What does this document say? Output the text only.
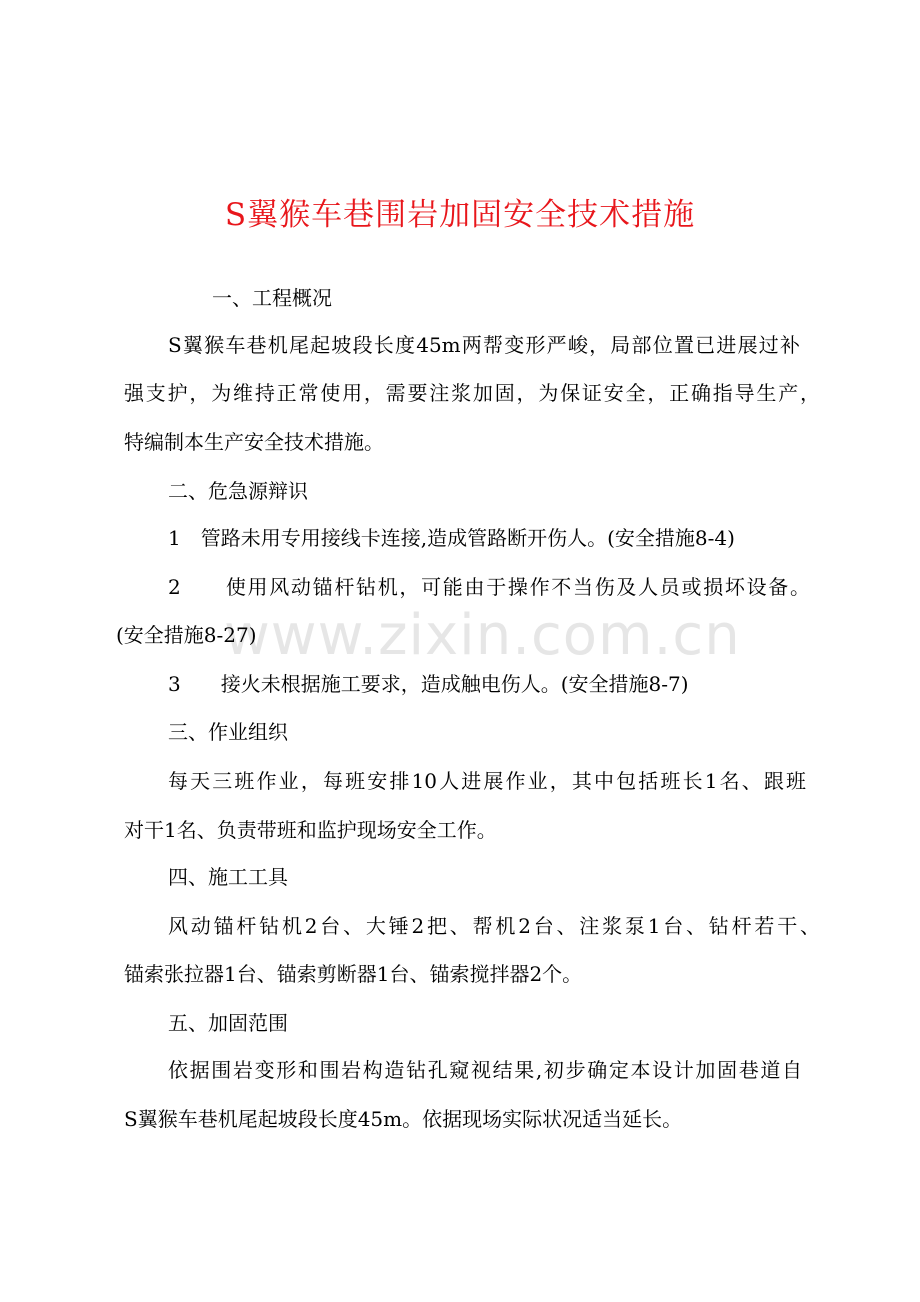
www.zixin.com.cn
S翼猴车巷围岩加固安全技术措施
一、工程概况
S翼猴车巷机尾起坡段长度45m两帮变形严峻，局部位置已进展过补
强支护，为维持正常使用，需要注浆加固，为保证安全，正确指导生产，
特编制本生产安全技术措施。
二、危急源辩识
1　管路未用专用接线卡连接,造成管路断开伤人。(安全措施8-4)
2　　使用风动锚杆钻机，可能由于操作不当伤及人员或损坏设备。
(安全措施8-27)
3　　接火未根据施工要求，造成触电伤人。(安全措施8-7)
三、作业组织
每天三班作业，每班安排10人进展作业，其中包括班长1名、跟班
对干1名、负责带班和监护现场安全工作。
四、施工工具
风动锚杆钻机2台、大锤2把、帮机2台、注浆泵1台、钻杆若干、
锚索张拉器1台、锚索剪断器1台、锚索搅拌器2个。
五、加固范围
依据围岩变形和围岩构造钻孔窥视结果,初步确定本设计加固巷道自
S翼猴车巷机尾起坡段长度45m。依据现场实际状况适当延长。
